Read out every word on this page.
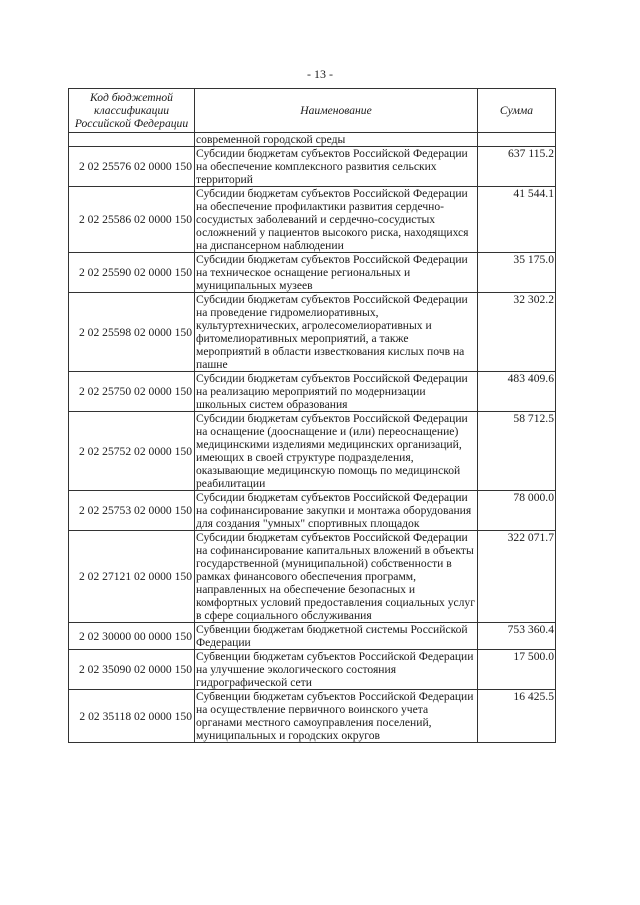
- 13 -
Код бюджетной классификации Российской Федерации	Наименование	Сумма
	современной городской среды	
2 02 25576 02 0000 150	Субсидии бюджетам субъектов Российской Федерации на обеспечение комплексного развития сельских территорий	637 115.2
2 02 25586 02 0000 150	Субсидии бюджетам субъектов Российской Федерации на обеспечение профилактики развития сердечно-сосудистых заболеваний и сердечно-сосудистых осложнений у пациентов высокого риска, находящихся на диспансерном наблюдении	41 544.1
2 02 25590 02 0000 150	Субсидии бюджетам субъектов Российской Федерации на техническое оснащение региональных и муниципальных музеев	35 175.0
2 02 25598 02 0000 150	Субсидии бюджетам субъектов Российской Федерации на проведение гидромелиоративных, культуртехнических, агролесомелиоративных и фитомелиоративных мероприятий, а также мероприятий в области известкования кислых почв на пашне	32 302.2
2 02 25750 02 0000 150	Субсидии бюджетам субъектов Российской Федерации на реализацию мероприятий по модернизации школьных систем образования	483 409.6
2 02 25752 02 0000 150	Субсидии бюджетам субъектов Российской Федерации на оснащение (дооснащение и (или) переоснащение) медицинскими изделиями медицинских организаций, имеющих в своей структуре подразделения, оказывающие медицинскую помощь по медицинской реабилитации	58 712.5
2 02 25753 02 0000 150	Субсидии бюджетам субъектов Российской Федерации на софинансирование закупки и монтажа оборудования для создания "умных" спортивных площадок	78 000.0
2 02 27121 02 0000 150	Субсидии бюджетам субъектов Российской Федерации на софинансирование капитальных вложений в объекты государственной (муниципальной) собственности в рамках финансового обеспечения программ, направленных на обеспечение безопасных и комфортных условий предоставления социальных услуг в сфере социального обслуживания	322 071.7
2 02 30000 00 0000 150	Субвенции бюджетам бюджетной системы Российской Федерации	753 360.4
2 02 35090 02 0000 150	Субвенции бюджетам субъектов Российской Федерации на улучшение экологического состояния гидрографической сети	17 500.0
2 02 35118 02 0000 150	Субвенции бюджетам субъектов Российской Федерации на осуществление первичного воинского учета органами местного самоуправления поселений, муниципальных и городских округов	16 425.5
